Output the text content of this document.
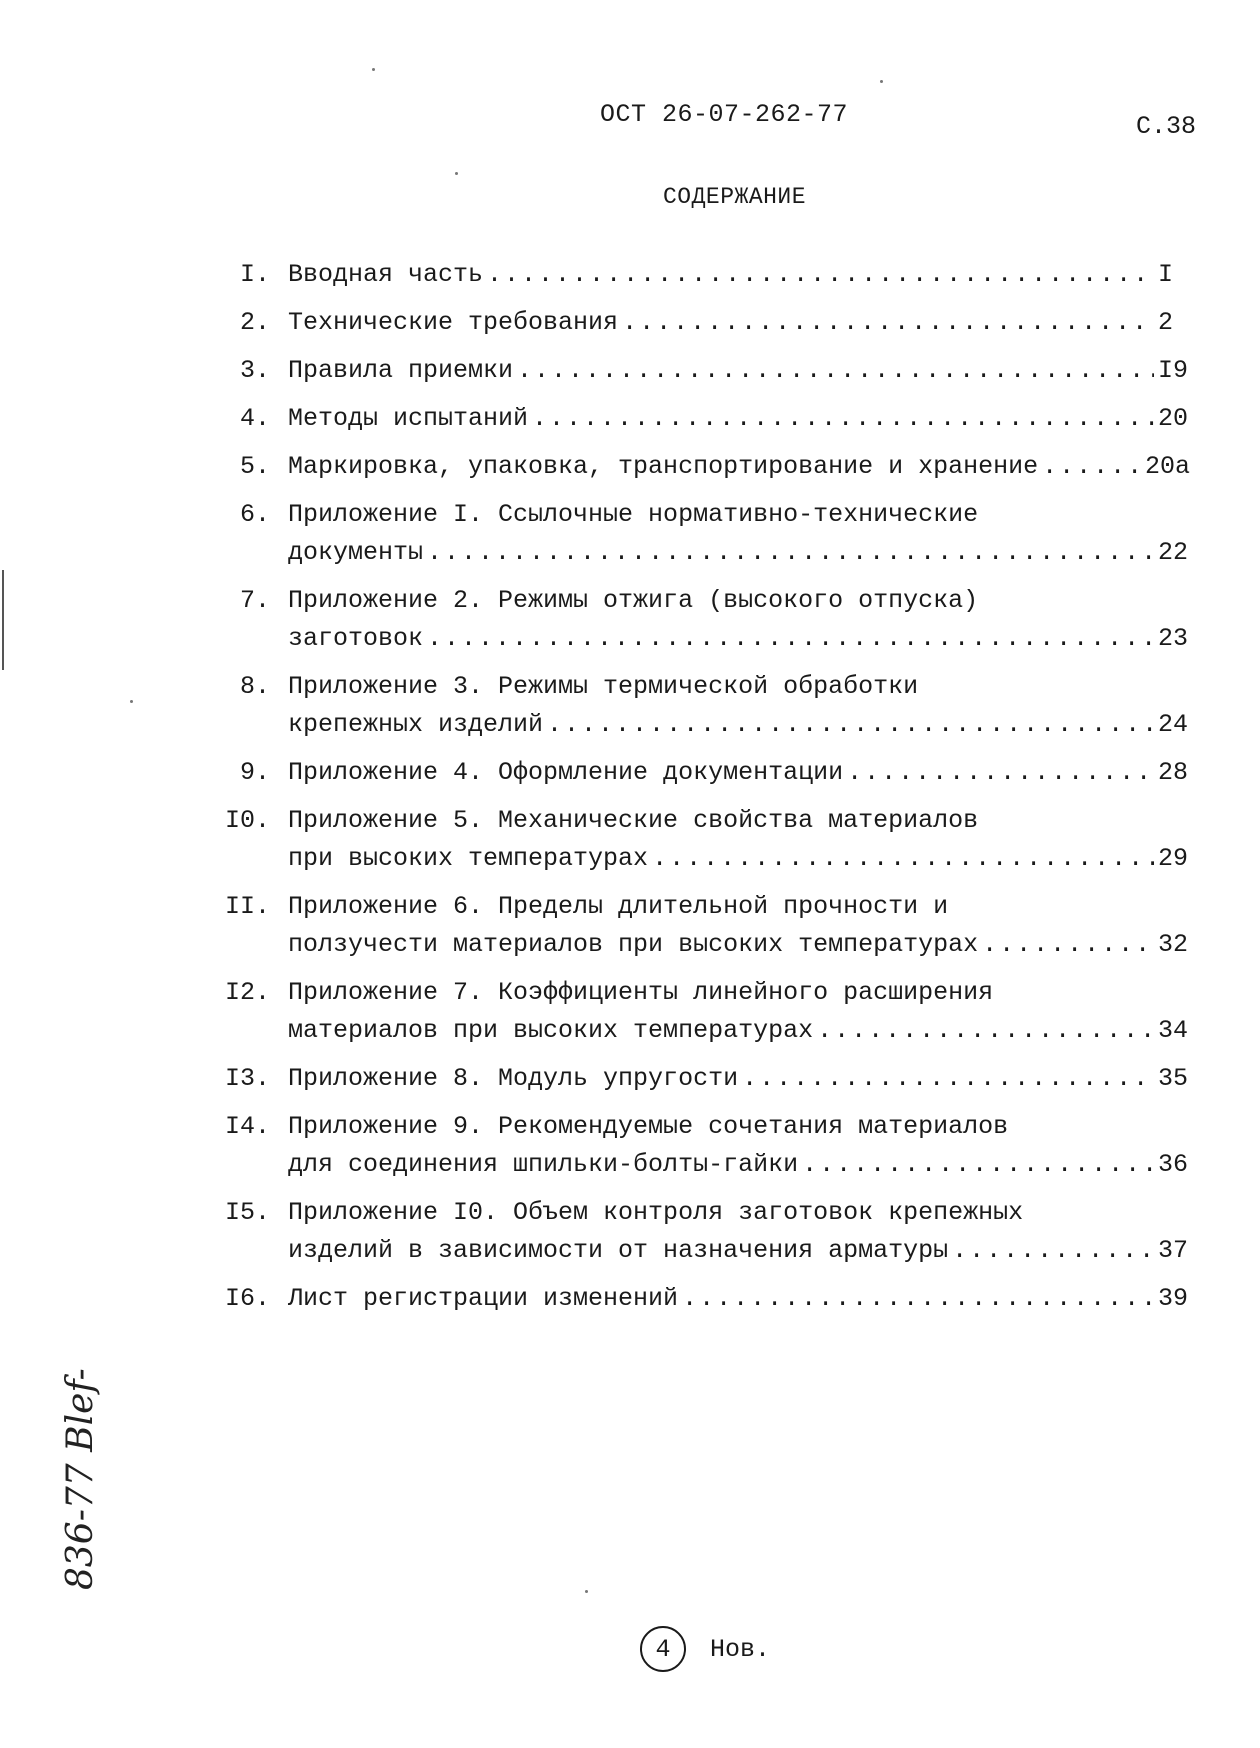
ОСТ 26-07-262-77	С.38
СОДЕРЖАНИЕ
I. Вводная часть .....	I
2. Технические требования .....	2
3. Правила приемки .....	I9
4. Методы испытаний .....	20
5. Маркировка, упаковка, транспортирование и хранение .....	20а
6. Приложение I. Ссылочные нормативно-технические
документы .....	22
7. Приложение 2. Режимы отжига (высокого отпуска)
заготовок .....	23
8. Приложение 3. Режимы термической обработки
крепежных изделий .....	24
9. Приложение 4. Оформление документации .....	28
I0. Приложение 5. Механические свойства материалов
при высоких температурах .....	29
II. Приложение 6. Пределы длительной прочности и
ползучести материалов при высоких температурах .....	32
I2. Приложение 7. Коэффициенты линейного расширения
материалов при высоких температурах .....	34
I3. Приложение 8. Модуль упругости .....	35
I4. Приложение 9. Рекомендуемые сочетания материалов
для соединения шпильки-болты-гайки .....	36
I5. Приложение I0. Объем контроля заготовок крепежных
изделий в зависимости от назначения арматуры .....	37
I6. Лист регистрации изменений .....	39
4 Нов.
836-77 Blef-
